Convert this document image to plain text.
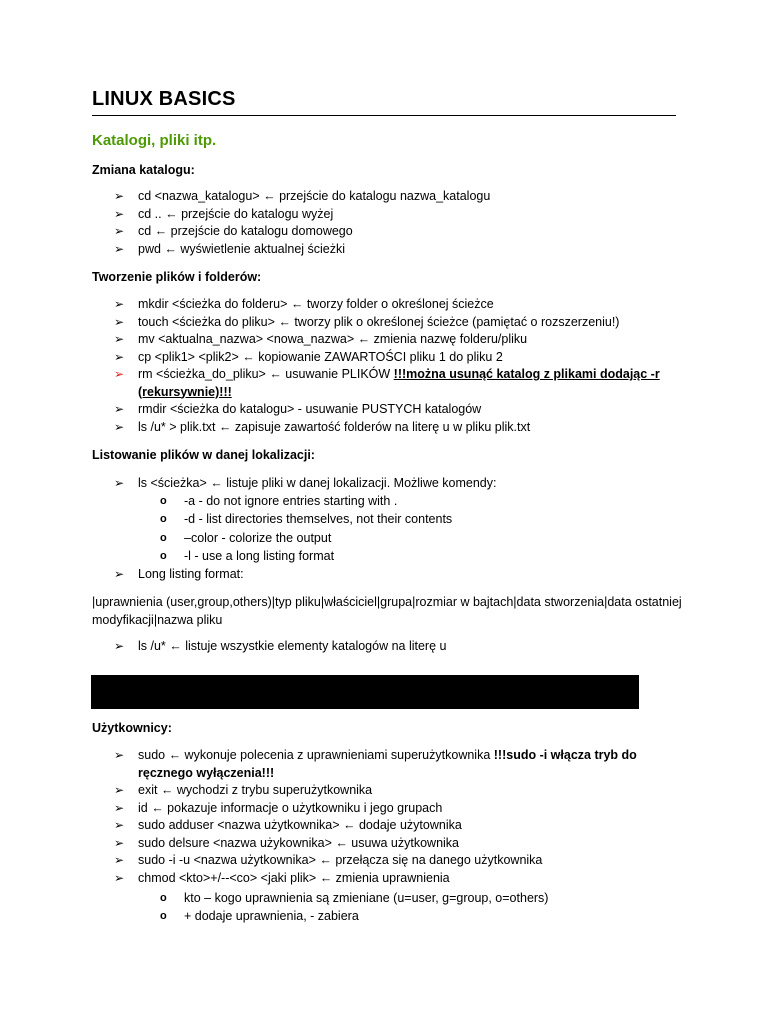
LINUX BASICS
Katalogi, pliki itp.
Zmiana katalogu:
➢ cd <nazwa_katalogu> ← przejście do katalogu nazwa_katalogu
➢ cd .. ← przejście do katalogu wyżej
➢ cd ← przejście do katalogu domowego
➢ pwd ← wyświetlenie aktualnej ścieżki
Tworzenie plików i folderów:
➢ mkdir <ścieżka do folderu> ← tworzy folder o określonej ścieżce
➢ touch <ścieżka do pliku> ← tworzy plik o określonej ścieżce (pamiętać o rozszerzeniu!)
➢ mv <aktualna_nazwa> <nowa_nazwa> ← zmienia nazwę folderu/pliku
➢ cp <plik1> <plik2> ← kopiowanie ZAWARTOŚCI pliku 1 do pliku 2
➢ rm <ścieżka_do_pliku> ← usuwanie PLIKÓW !!!można usunąć katalog z plikami dodając -r (rekursywnie)!!!
➢ rmdir <ścieżka do katalogu> - usuwanie PUSTYCH katalogów
➢ ls /u* > plik.txt ← zapisuje zawartość folderów na literę u w pliku plik.txt
Listowanie plików w danej lokalizacji:
➢ ls <ścieżka> ← listuje pliki w danej lokalizacji. Możliwe komendy:
o -a - do not ignore entries starting with .
o -d - list directories themselves, not their contents
o –color - colorize the output
o -l - use a long listing format
➢ Long listing format:
|uprawnienia (user,group,others)|typ pliku|właściciel|grupa|rozmiar w bajtach|data stworzenia|data ostatniej modyfikacji|nazwa pliku
➢ ls /u* ← listuje wszystkie elementy katalogów na literę u
Użytkownicy:
➢ sudo ← wykonuje polecenia z uprawnieniami superużytkownika !!!sudo -i włącza tryb do ręcznego wyłączenia!!!
➢ exit ← wychodzi z trybu superużytkownika
➢ id ← pokazuje informacje o użytkowniku i jego grupach
➢ sudo adduser <nazwa użytkownika> ← dodaje użytownika
➢ sudo delsure <nazwa użykownika> ← usuwa użytkownika
➢ sudo -i -u <nazwa użytkownika> ← przełącza się na danego użytkownika
➢ chmod <kto>+/--<co> <jaki plik> ← zmienia uprawnienia
o kto – kogo uprawnienia są zmieniane (u=user, g=group, o=others)
o + dodaje uprawnienia, - zabiera
